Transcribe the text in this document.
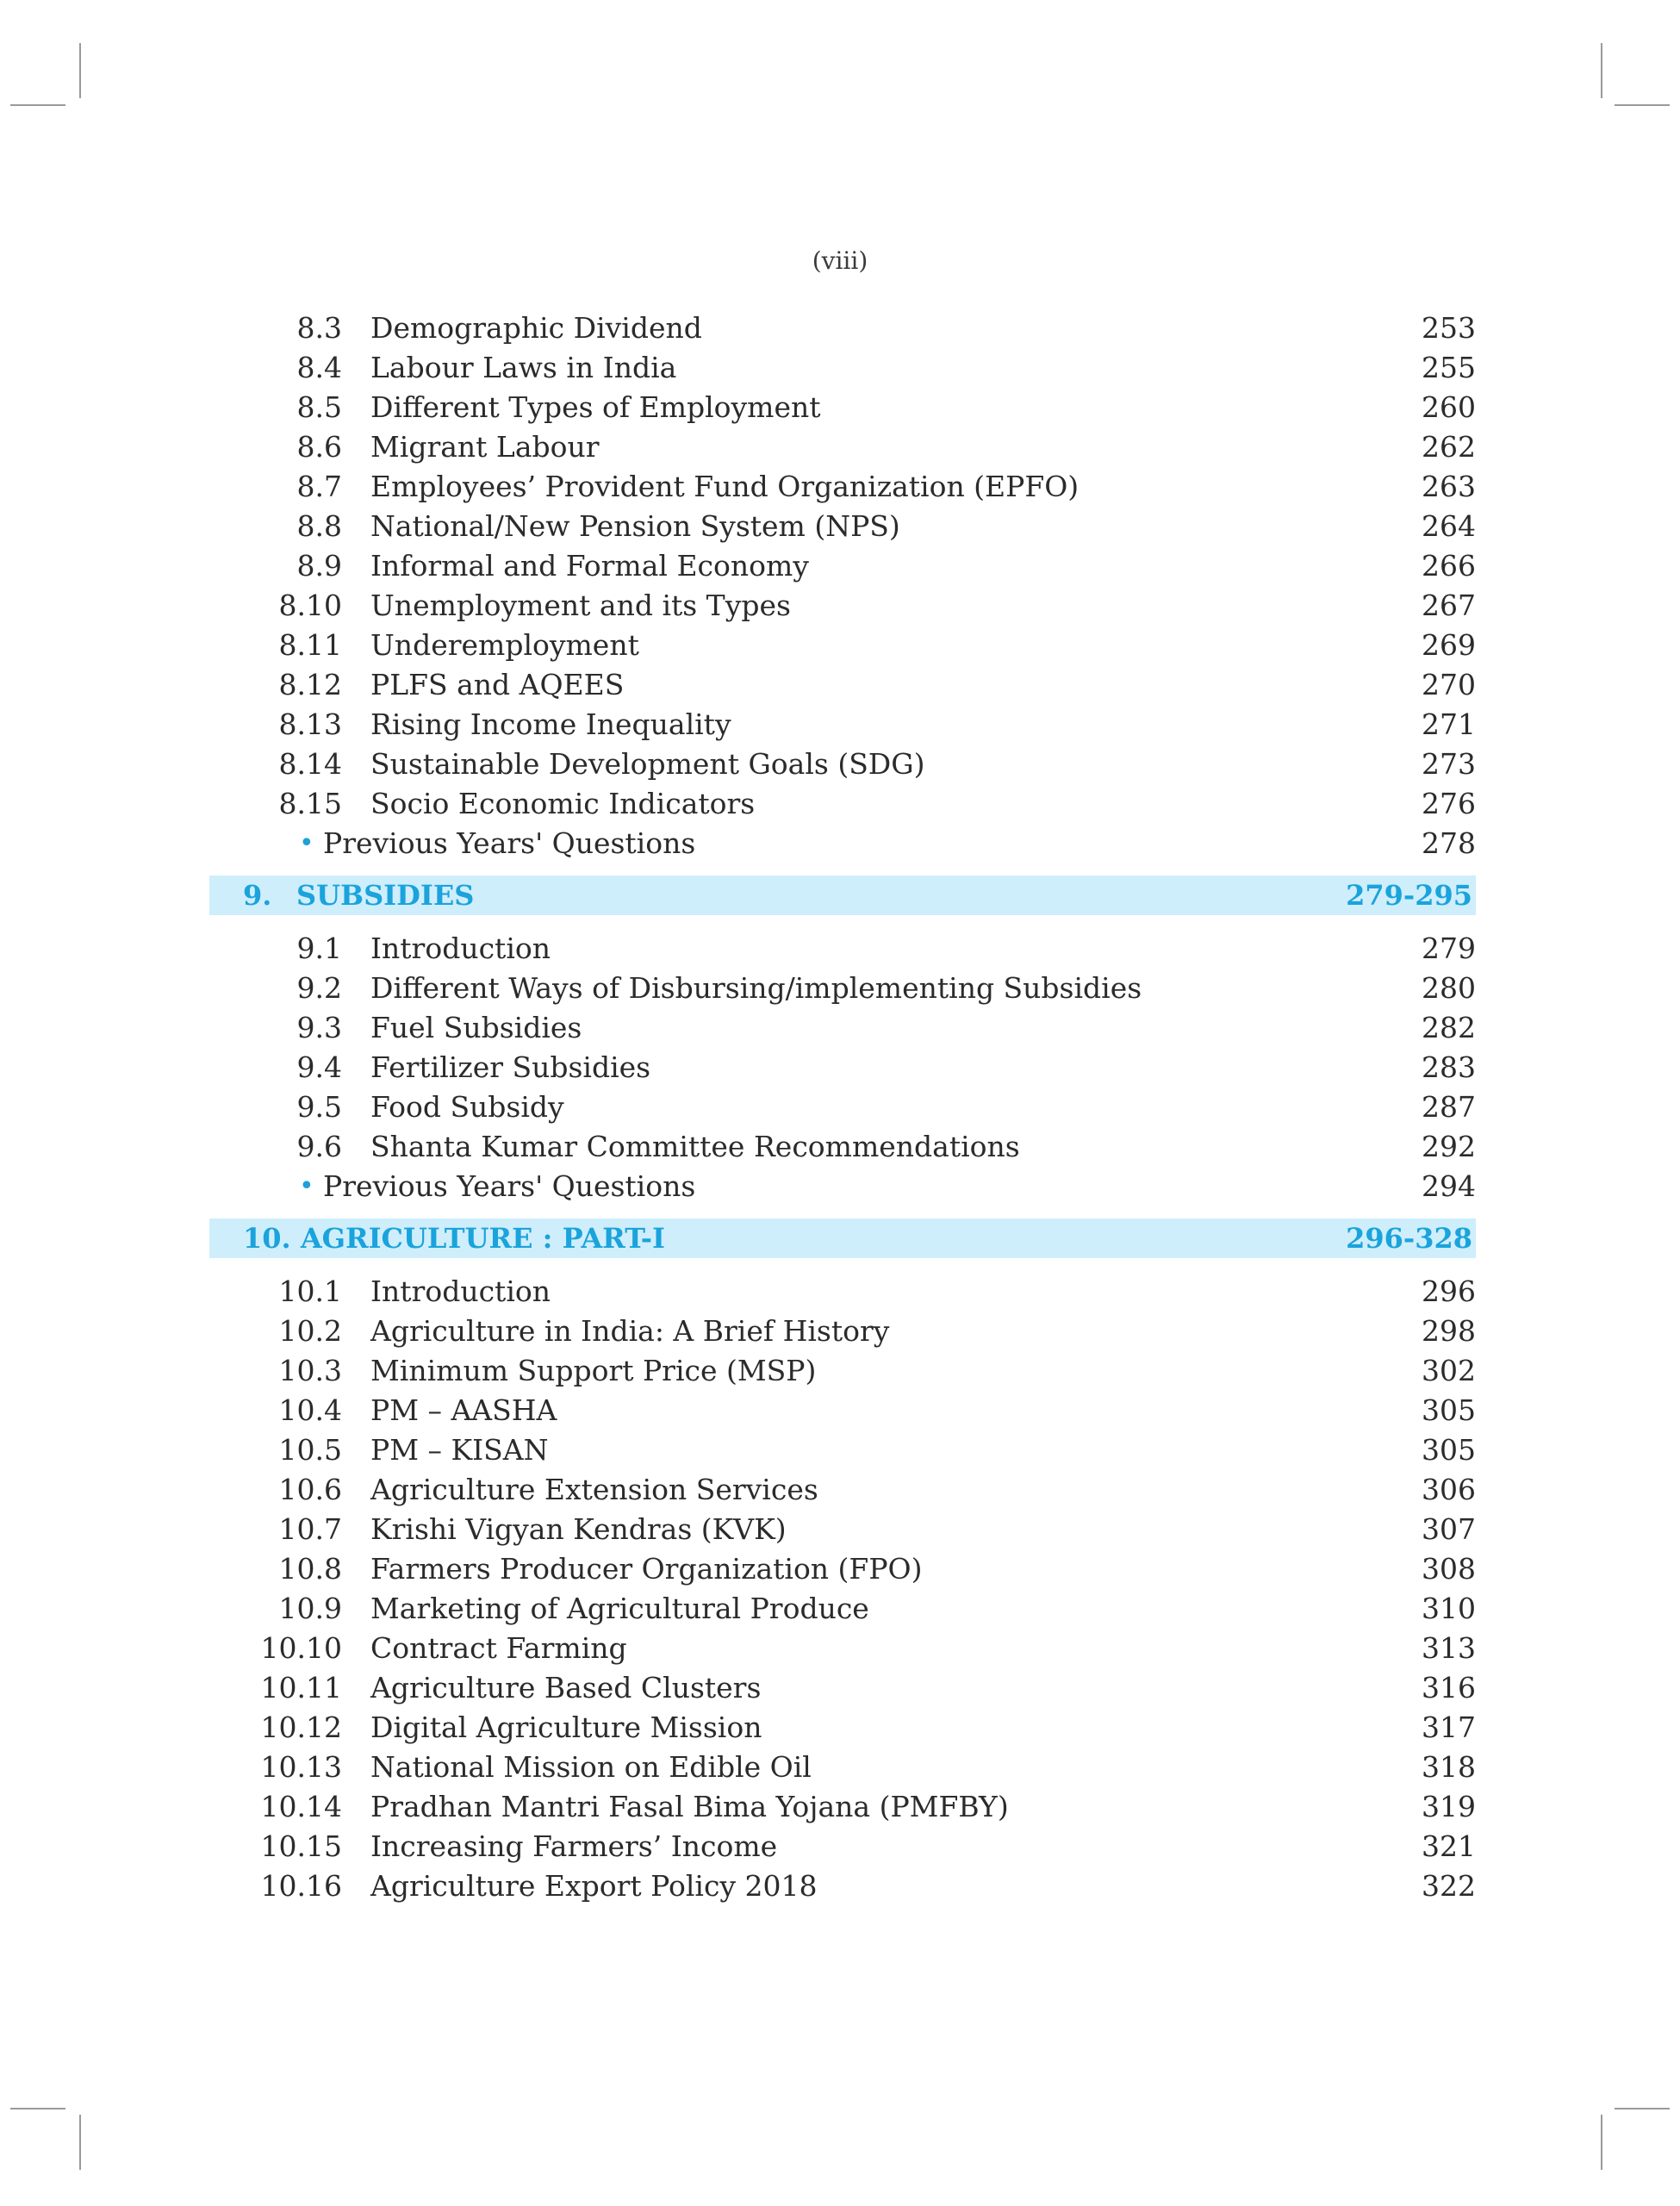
(viii)
8.3 Demographic Dividend	253
8.4 Labour Laws in India	255
8.5 Different Types of Employment	260
8.6 Migrant Labour	262
8.7 Employees’ Provident Fund Organization (EPFO)	263
8.8 National/New Pension System (NPS)	264
8.9 Informal and Formal Economy	266
8.10 Unemployment and its Types	267
8.11 Underemployment	269
8.12 PLFS and AQEES	270
8.13 Rising Income Inequality	271
8.14 Sustainable Development Goals (SDG)	273
8.15 Socio Economic Indicators	276
• Previous Years' Questions	278
9. SUBSIDIES	279-295
9.1 Introduction	279
9.2 Different Ways of Disbursing/implementing Subsidies	280
9.3 Fuel Subsidies	282
9.4 Fertilizer Subsidies	283
9.5 Food Subsidy	287
9.6 Shanta Kumar Committee Recommendations	292
• Previous Years' Questions	294
10. AGRICULTURE : PART-I	296-328
10.1 Introduction	296
10.2 Agriculture in India: A Brief History	298
10.3 Minimum Support Price (MSP)	302
10.4 PM – AASHA	305
10.5 PM – KISAN	305
10.6 Agriculture Extension Services	306
10.7 Krishi Vigyan Kendras (KVK)	307
10.8 Farmers Producer Organization (FPO)	308
10.9 Marketing of Agricultural Produce	310
10.10 Contract Farming	313
10.11 Agriculture Based Clusters	316
10.12 Digital Agriculture Mission	317
10.13 National Mission on Edible Oil	318
10.14 Pradhan Mantri Fasal Bima Yojana (PMFBY)	319
10.15 Increasing Farmers’ Income	321
10.16 Agriculture Export Policy 2018	322
